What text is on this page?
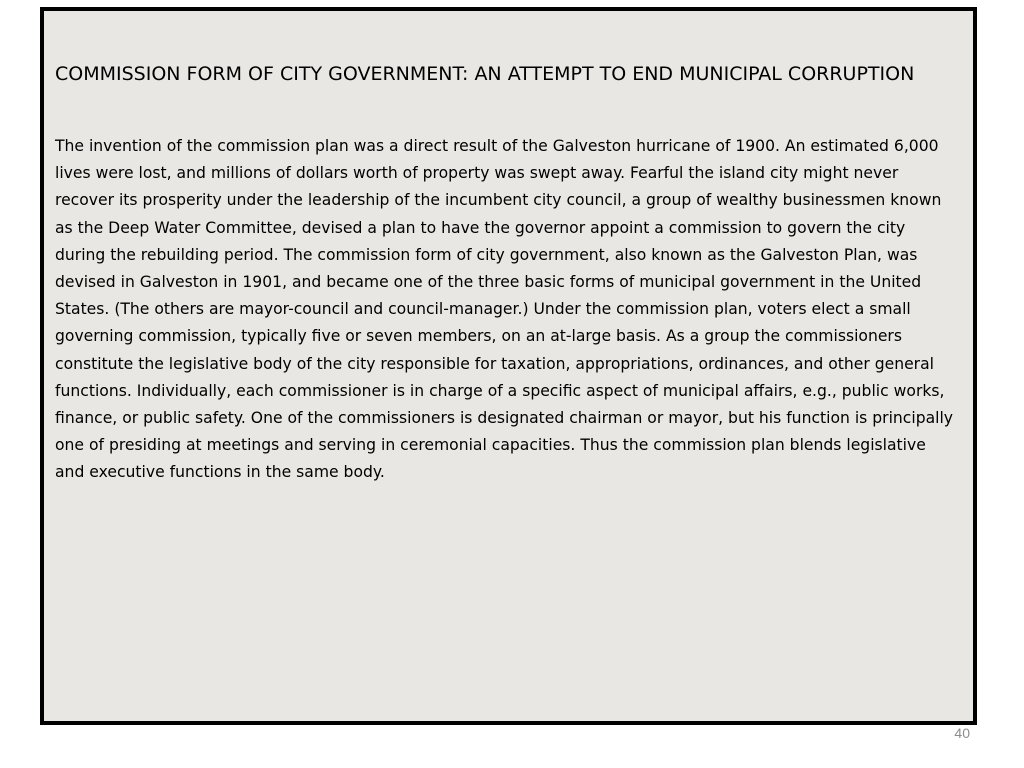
COMMISSION FORM OF CITY GOVERNMENT: AN ATTEMPT TO END MUNICIPAL CORRUPTION

The invention of the commission plan was a direct result of the Galveston hurricane of 1900. An estimated 6,000 lives were lost, and millions of dollars worth of property was swept away. Fearful the island city might never recover its prosperity under the leadership of the incumbent city council, a group of wealthy businessmen known as the Deep Water Committee, devised a plan to have the governor appoint a commission to govern the city during the rebuilding period. The commission form of city government, also known as the Galveston Plan, was devised in Galveston in 1901, and became one of the three basic forms of municipal government in the United States. (The others are mayor-council and council-manager.) Under the commission plan, voters elect a small governing commission, typically five or seven members, on an at-large basis. As a group the commissioners constitute the legislative body of the city responsible for taxation, appropriations, ordinances, and other general functions. Individually, each commissioner is in charge of a specific aspect of municipal affairs, e.g., public works, finance, or public safety. One of the commissioners is designated chairman or mayor, but his function is principally one of presiding at meetings and serving in ceremonial capacities. Thus the commission plan blends legislative and executive functions in the same body.

40
